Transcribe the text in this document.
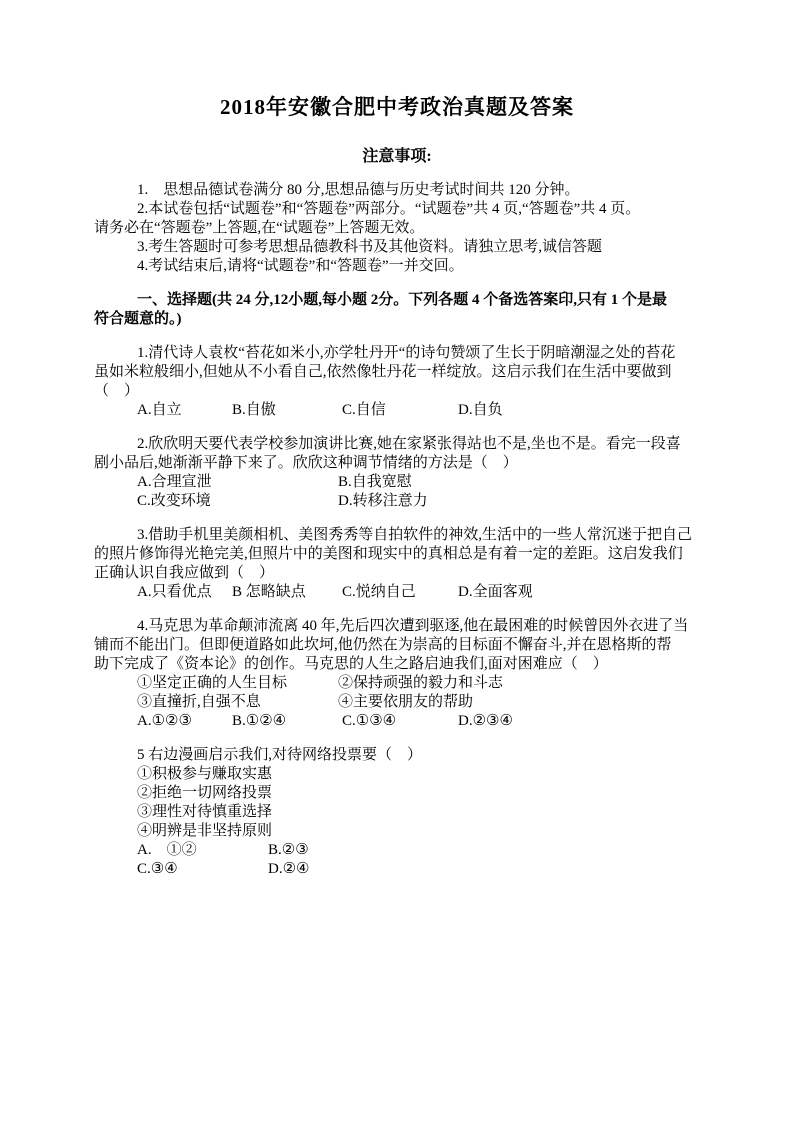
2018年安徽合肥中考政治真题及答案
注意事项:
1.　思想品德试卷满分 80 分,思想品德与历史考试时间共 120 分钟。
2.本试卷包括“试题卷”和“答题卷”两部分。“试题卷”共 4 页,“答题卷”共 4 页。
请务必在“答题卷”上答题,在“试题卷”上答题无效。
3.考生答题时可参考思想品德教科书及其他资料。请独立思考,诚信答题
4.考试结束后,请将“试题卷”和“答题卷”一并交回。
一、选择题(共 24 分,12小题,每小题 2分。下列各题 4 个备选答案印,只有 1 个是最
符合题意的。)
1.清代诗人袁枚“苔花如米小,亦学牡丹开“的诗句赞颂了生长于阴暗潮湿之处的苔花
虽如米粒般细小,但她从不小看自己,依然像牡丹花一样绽放。这启示我们在生活中要做到
（　）
A.自立	B.自傲	C.自信	D.自负
2.欣欣明天要代表学校参加演讲比赛,她在家紧张得站也不是,坐也不是。看完一段喜
剧小品后,她渐渐平静下来了。欣欣这种调节情绪的方法是（　）
A.合理宣泄	B.自我宽慰
C.改变环境	D.转移注意力
3.借助手机里美颜相机、美图秀秀等自拍软件的神效,生活中的一些人常沉迷于把自己
的照片修饰得光艳完美,但照片中的美图和现实中的真相总是有着一定的差距。这启发我们
正确认识自我应做到（　）
A.只看优点	B 怎略缺点	C.悦纳自己	D.全面客观
4.马克思为革命颠沛流离 40 年,先后四次遭到驱逐,他在最困难的时候曾因外衣进了当
铺而不能出门。但即便道路如此坎坷,他仍然在为崇高的目标面不懈奋斗,并在恩格斯的帮
助下完成了《资本论》的创作。马克思的人生之路启迪我们,面对困难应（　）
①坚定正确的人生目标	②保持顽强的毅力和斗志
③直撞折,自强不息	④主要依朋友的帮助
A.①②③	B.①②④	C.①③④	D.②③④
5 右边漫画启示我们,对待网络投票要（　）
①积极参与赚取实惠
②拒绝一切网络投票
③理性对待慎重选择
④明辨是非坚持原则
A.　①②	B.②③
C.③④	D.②④
